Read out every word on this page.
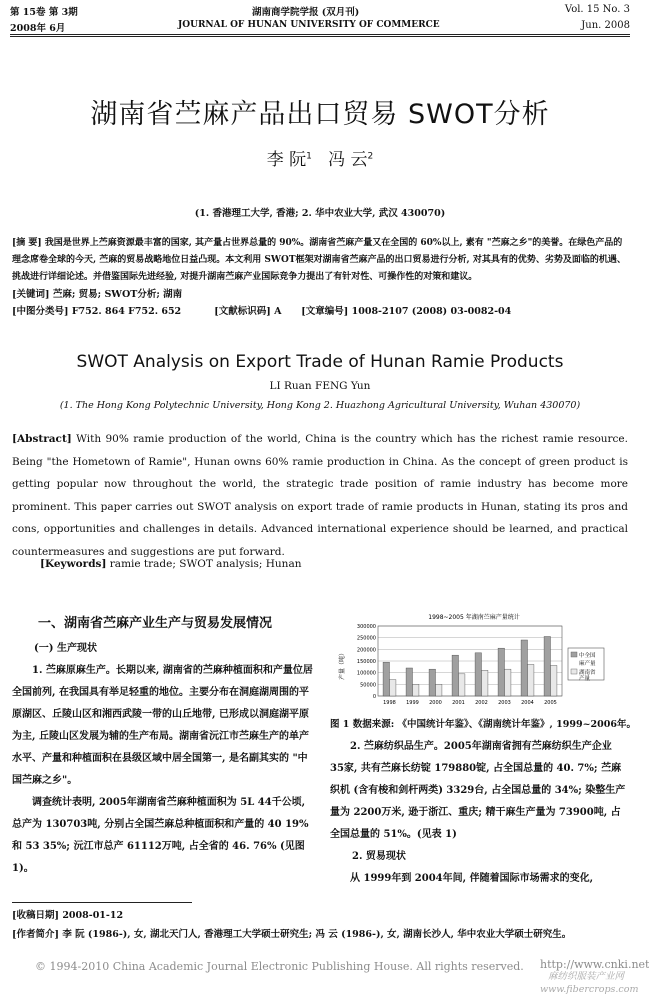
第 15卷 第 3期	湖南商学院学报 (双月刊)	Vol. 15 No. 3
2008年 6月	JOURNAL OF HUNAN UNIVERSITY OF COMMERCE	Jun. 2008
湖南省苎麻产品出口贸易 SWOT分析
李 阮$^1$ 冯 云$^2$
(1. 香港理工大学, 香港; 2. 华中农业大学, 武汉 430070)
[摘 要] 我国是世界上苎麻资源最丰富的国家, 其产量占世界总量的 90%。湖南省苎麻产量又在全国的 60%以上, 素有 "苎麻之乡"的美誉。在绿色产品的理念席卷全球的今天, 苎麻的贸易战略地位日益凸现。本文利用 SWOT框架对湖南省苎麻产品的出口贸易进行分析, 对其具有的优势、劣势及面临的机遇、挑战进行详细论述。并借鉴国际先进经验, 对提升湖南苎麻产业国际竞争力提出了有针对性、可操作性的对策和建议。
[关键词] 苎麻; 贸易; SWOT分析; 湖南
[中图分类号] F752. 864 F752. 652	[文献标识码] A [文章编号] 1008-2107 (2008) 03-0082-04
SWOT Analysis on Export Trade of Hunan Ramie Products
LI Ruan FENG Yun
(1. The Hong Kong Polytechnic University, Hong Kong 2. Huazhong Agricultural University, Wuhan 430070)
[Abstract] With 90% ramie production of the world, China is the country which has the richest ramie resource. Being "the Hometown of Ramie", Hunan owns 60% ramie production in China. As the concept of green product is getting popular now throughout the world, the strategic trade position of ramie industry has become more prominent. This paper carries out SWOT analysis on export trade of ramie products in Hunan, stating its pros and cons, opportunities and challenges in details. Advanced international experience should be learned, and practical countermeasures and suggestions are put forward.
[Keywords] ramie trade; SWOT analysis; Hunan
一、湖南省苎麻产业生产与贸易发展情况

(一) 生产现状

1. 苎麻原麻生产。长期以来, 湖南省的苎麻种植面积和产量位居全国前列, 在我国具有举足轻重的地位。主要分布在洞庭湖周围的平原湖区、丘陵山区和湘西武陵一带的山丘地带, 已形成以洞庭湖平原为主, 丘陵山区发展为辅的生产布局。湖南省沅江市苎麻生产的单产水平、产量和种植面积在县级区域中居全国第一, 是名副其实的 "中国苎麻之乡"。

调查统计表明, 2005年湖南省苎麻种植面积为 5L 44千公顷, 总产为 130703吨, 分别占全国苎麻总种植面积和产量的 40 19%和 53 35%; 沅江市总产 61112万吨, 占全省的 46. 76% (见图 1)。

1998~2005 年湖南苎麻产量统计
产量（吨）
1998 1999 2000 2001 2002 2003 2004 2005
300000
250000
200000
150000
100000
50000
0
中全国
麻产量
湖南省
产量
图 1 数据来源: 《中国统计年鉴》、《湖南统计年鉴》, 1999~2006年。

2. 苎麻纺织品生产。2005年湖南省拥有苎麻纺织生产企业 35家, 共有苎麻长纺锭 179880锭, 占全国总量的 40. 7%; 苎麻织机 (含有梭和剑杆两类) 3329台, 占全国总量的 34%; 染整生产量为 2200万米, 逊于浙江、重庆; 精干麻生产量为 73900吨, 占全国总量的 51%。(见表 1)

2. 贸易现状

从 1999年到 2004年间, 伴随着国际市场需求的变化,

[收稿日期] 2008-01-12
[作者简介] 李 阮 (1986-), 女, 湖北天门人, 香港理工大学硕士研究生; 冯 云 (1986-), 女, 湖南长沙人, 华中农业大学硕士研究生。
© 1994-2010 China Academic Journal Electronic Publishing House. All rights reserved. http://www.cnki.net
麻纺织服装产业网
www.fibercrops.com
